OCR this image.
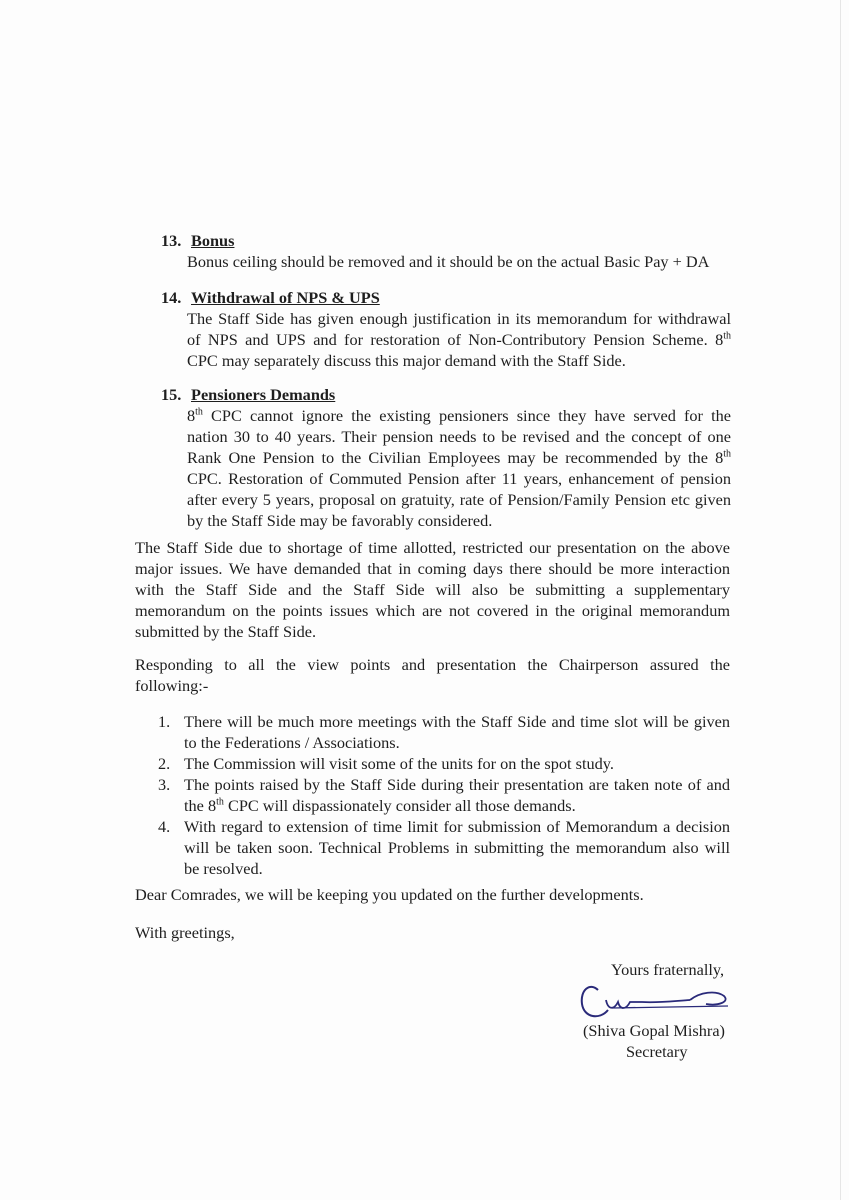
13. Bonus
Bonus ceiling should be removed and it should be on the actual Basic Pay + DA
14. Withdrawal of NPS & UPS
The Staff Side has given enough justification in its memorandum for withdrawal
of NPS and UPS and for restoration of Non-Contributory Pension Scheme. 8th
CPC may separately discuss this major demand with the Staff Side.
15. Pensioners Demands
8th CPC cannot ignore the existing pensioners since they have served for the
nation 30 to 40 years. Their pension needs to be revised and the concept of one
Rank One Pension to the Civilian Employees may be recommended by the 8th
CPC. Restoration of Commuted Pension after 11 years, enhancement of pension
after every 5 years, proposal on gratuity, rate of Pension/Family Pension etc given
by the Staff Side may be favorably considered.
The Staff Side due to shortage of time allotted, restricted our presentation on the above
major issues. We have demanded that in coming days there should be more interaction
with the Staff Side and the Staff Side will also be submitting a supplementary
memorandum on the points issues which are not covered in the original memorandum
submitted by the Staff Side.
Responding to all the view points and presentation the Chairperson assured the
following:-
1. There will be much more meetings with the Staff Side and time slot will be given
to the Federations / Associations.
2. The Commission will visit some of the units for on the spot study.
3. The points raised by the Staff Side during their presentation are taken note of and
the 8th CPC will dispassionately consider all those demands.
4. With regard to extension of time limit for submission of Memorandum a decision
will be taken soon. Technical Problems in submitting the memorandum also will
be resolved.
Dear Comrades, we will be keeping you updated on the further developments.
With greetings,
Yours fraternally,
(Shiva Gopal Mishra)
Secretary
